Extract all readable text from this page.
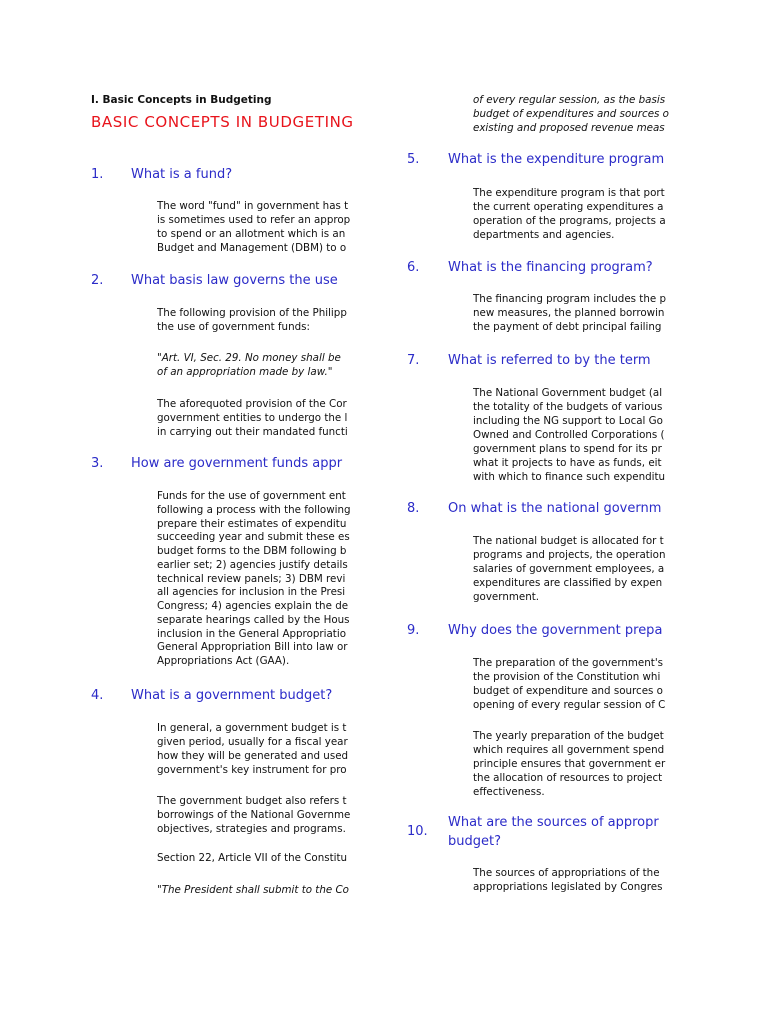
I. Basic Concepts in Budgeting
BASIC CONCEPTS IN BUDGETING
1. What is a fund?
The word "fund" in government has t
is sometimes used to refer an approp
to spend or an allotment which is an
Budget and Management (DBM) to o
2. What basis law governs the use
The following provision of the Philipp
the use of government funds:
"Art. VI, Sec. 29. No money shall be
of an appropriation made by law."
The aforequoted provision of the Cor
government entities to undergo the l
in carrying out their mandated functi
3. How are government funds appr
Funds for the use of government ent
following a process with the following
prepare their estimates of expenditu
succeeding year and submit these es
budget forms to the DBM following b
earlier set; 2) agencies justify details
technical review panels; 3) DBM revi
all agencies for inclusion in the Presi
Congress; 4) agencies explain the de
separate hearings called by the Hous
inclusion in the General Appropriatio
General Appropriation Bill into law or
Appropriations Act (GAA).
4. What is a government budget?
In general, a government budget is t
given period, usually for a fiscal year
how they will be generated and used
government's key instrument for pro
The government budget also refers t
borrowings of the National Governme
objectives, strategies and programs.
Section 22, Article VII of the Constitu
"The President shall submit to the Co
of every regular session, as the basis
budget of expenditures and sources o
existing and proposed revenue meas
5. What is the expenditure program
The expenditure program is that port
the current operating expenditures a
operation of the programs, projects a
departments and agencies.
6. What is the financing program?
The financing program includes the p
new measures, the planned borrowin
the payment of debt principal failing
7. What is referred to by the term
The National Government budget (al
the totality of the budgets of various
including the NG support to Local Go
Owned and Controlled Corporations (
government plans to spend for its pr
what it projects to have as funds, eit
with which to finance such expenditu
8. On what is the national governm
The national budget is allocated for t
programs and projects, the operation
salaries of government employees, a
expenditures are classified by expen
government.
9. Why does the government prepa
The preparation of the government's
the provision of the Constitution whi
budget of expenditure and sources o
opening of every regular session of C
The yearly preparation of the budget
which requires all government spend
principle ensures that government er
the allocation of resources to project
effectiveness.
10.
What are the sources of appropr
budget?
The sources of appropriations of the
appropriations legislated by Congres
